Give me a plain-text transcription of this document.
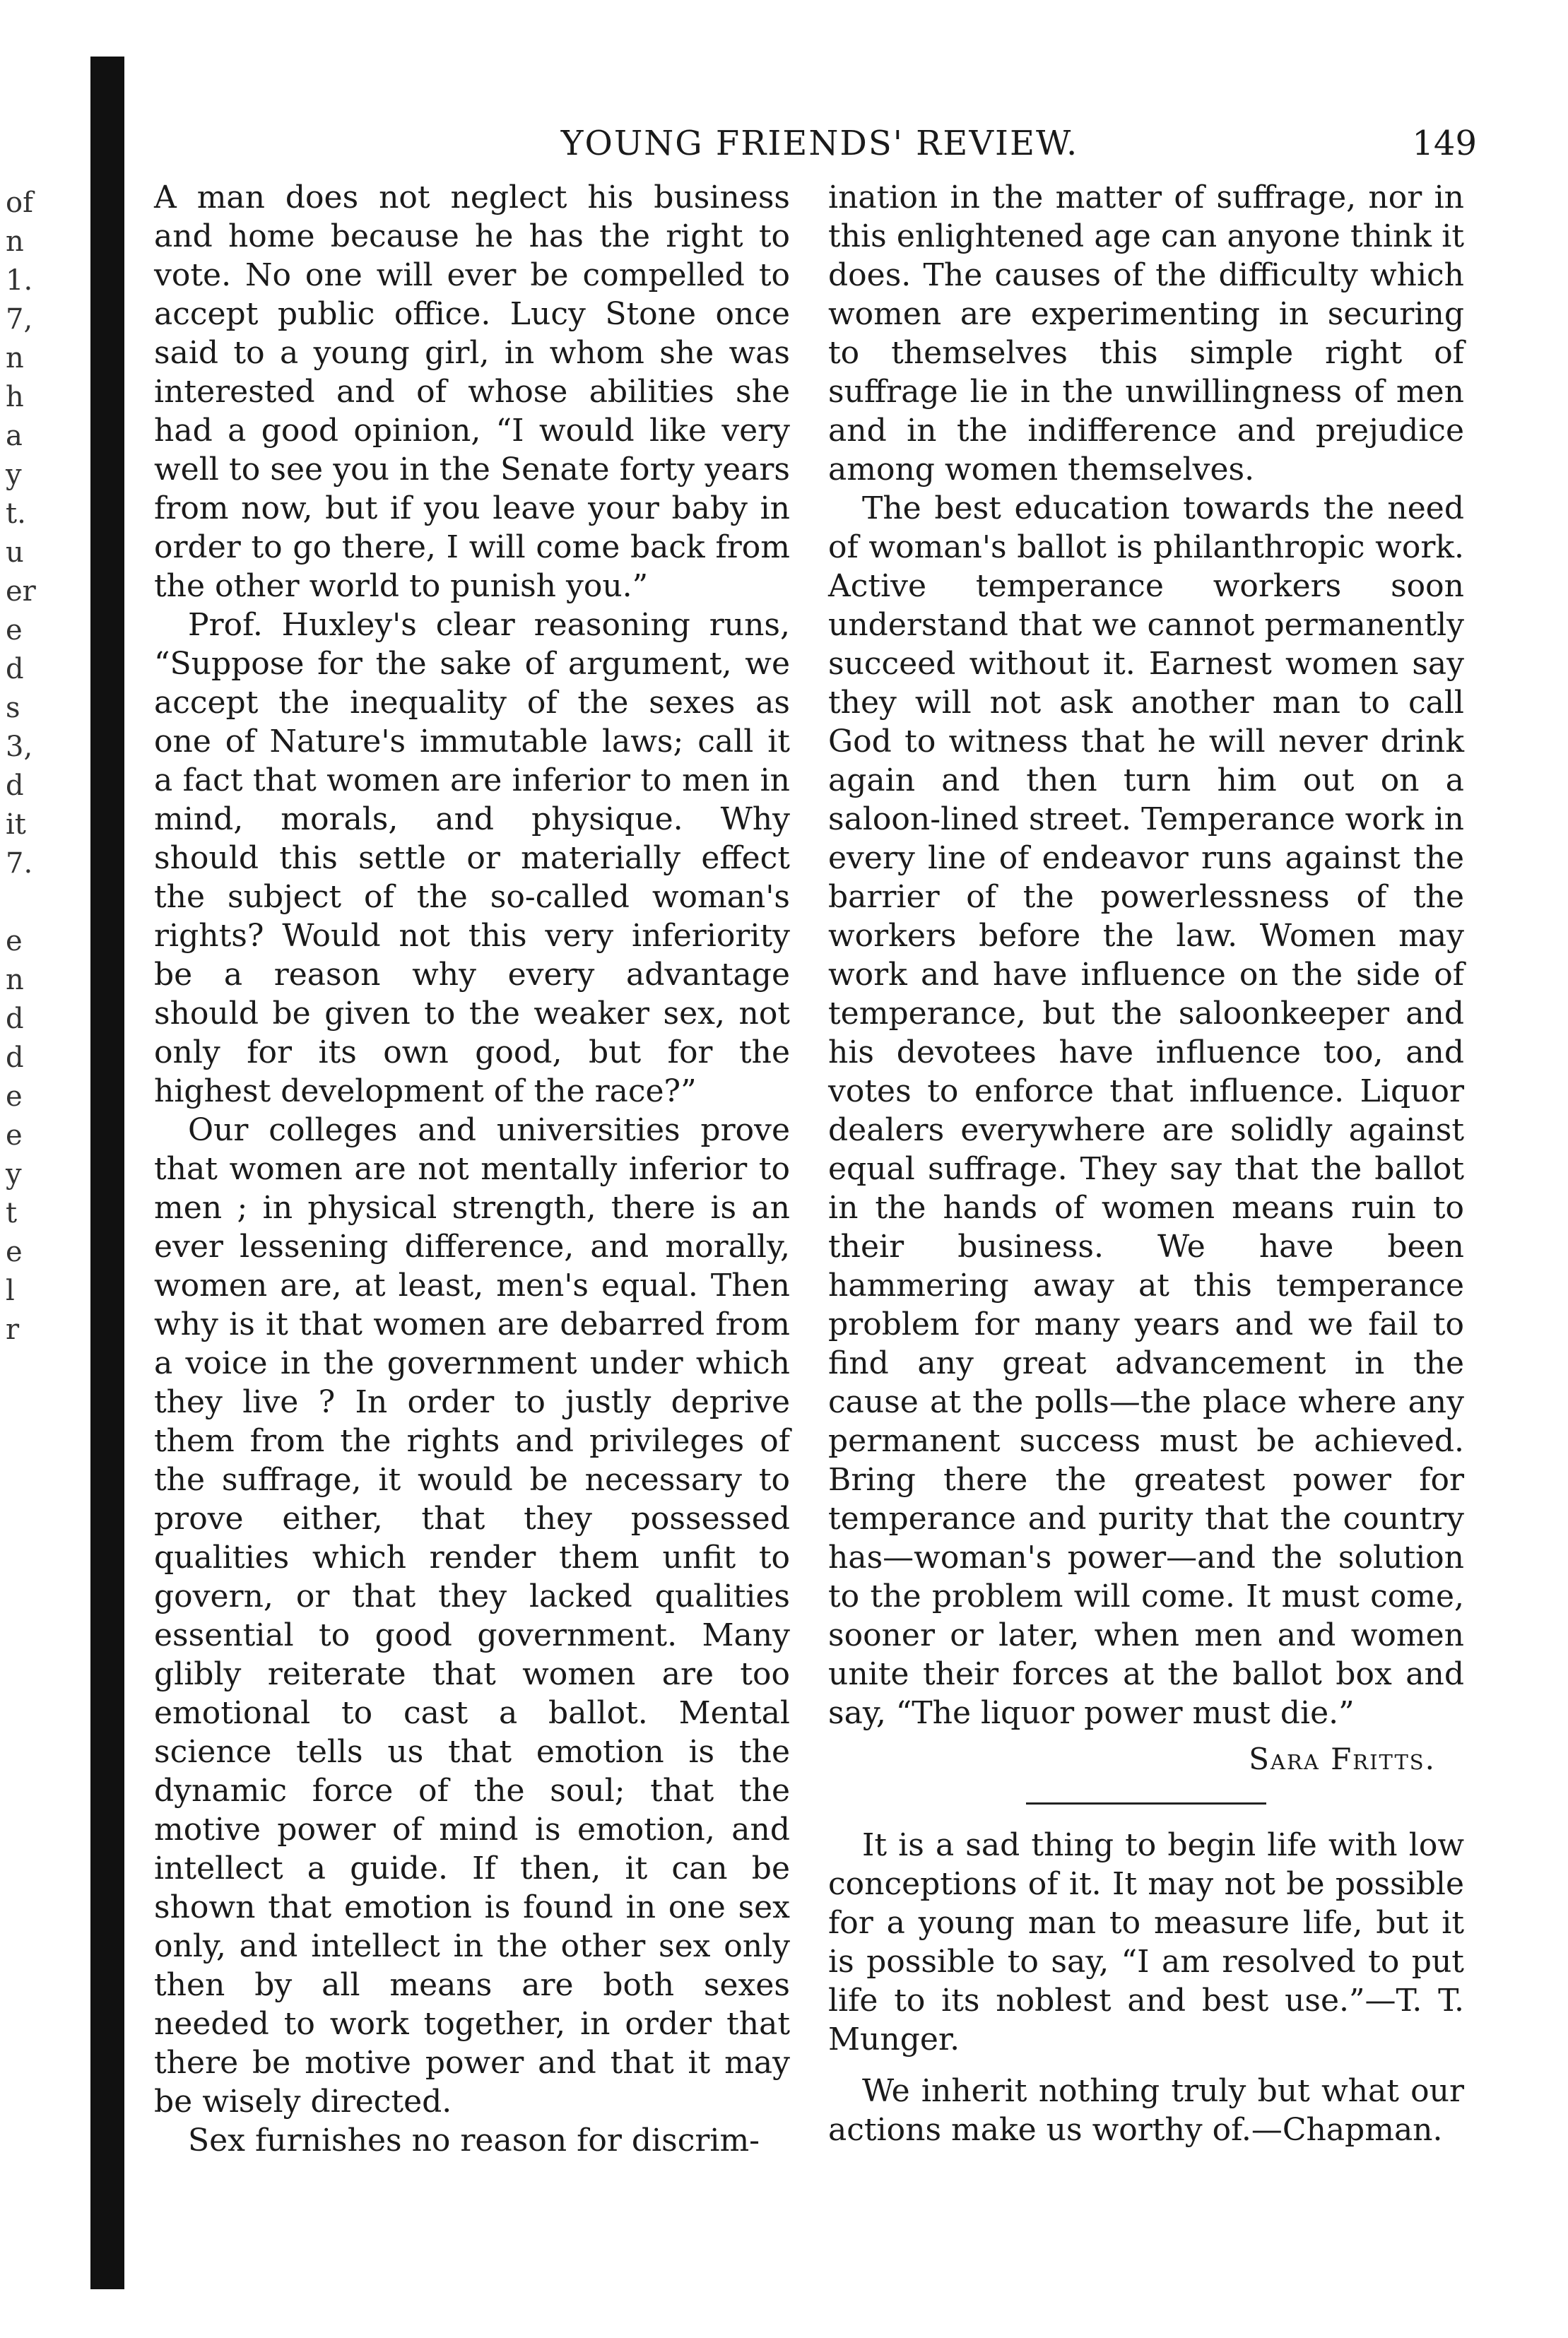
of
n
1.
7,
n
h
a
y
t.
u
er
e
d
s
3,
d
it
7.
e
n
d
d
e
e
y
t
e
l
r
YOUNG FRIENDS' REVIEW.	149

A man does not neglect his business and home because he has the right to vote. No one will ever be compelled to accept public office. Lucy Stone once said to a young girl, in whom she was interested and of whose abilities she had a good opinion, “I would like very well to see you in the Senate forty years from now, but if you leave your baby in order to go there, I will come back from the other world to punish you.”

Prof. Huxley's clear reasoning runs, “Suppose for the sake of argument, we accept the inequality of the sexes as one of Nature's immutable laws; call it a fact that women are inferior to men in mind, morals, and physique. Why should this settle or materially effect the subject of the so-called woman's rights? Would not this very inferiority be a reason why every advantage should be given to the weaker sex, not only for its own good, but for the highest development of the race?”

Our colleges and universities prove that women are not mentally inferior to men ; in physical strength, there is an ever lessening difference, and morally, women are, at least, men's equal. Then why is it that women are debarred from a voice in the government under which they live ? In order to justly deprive them from the rights and privileges of the suffrage, it would be necessary to prove either, that they possessed qualities which render them unfit to govern, or that they lacked qualities essential to good government. Many glibly reiterate that women are too emotional to cast a ballot. Mental science tells us that emotion is the dynamic force of the soul; that the motive power of mind is emotion, and intellect a guide. If then, it can be shown that emotion is found in one sex only, and intellect in the other sex only then by all means are both sexes needed to work together, in order that there be motive power and that it may be wisely directed.

Sex furnishes no reason for discrim-

ination in the matter of suffrage, nor in this enlightened age can anyone think it does. The causes of the difficulty which women are experimenting in securing to themselves this simple right of suffrage lie in the unwillingness of men and in the indifference and prejudice among women themselves.

The best education towards the need of woman's ballot is philanthropic work. Active temperance workers soon understand that we cannot permanently succeed without it. Earnest women say they will not ask another man to call God to witness that he will never drink again and then turn him out on a saloon-lined street. Temperance work in every line of endeavor runs against the barrier of the powerlessness of the workers before the law. Women may work and have influence on the side of temperance, but the saloonkeeper and his devotees have influence too, and votes to enforce that influence. Liquor dealers everywhere are solidly against equal suffrage. They say that the ballot in the hands of women means ruin to their business. We have been hammering away at this temperance problem for many years and we fail to find any great advancement in the cause at the polls—the place where any permanent success must be achieved. Bring there the greatest power for temperance and purity that the country has—woman's power—and the solution to the problem will come. It must come, sooner or later, when men and women unite their forces at the ballot box and say, “The liquor power must die.”

Sara Fritts.

It is a sad thing to begin life with low conceptions of it. It may not be possible for a young man to measure life, but it is possible to say, “I am resolved to put life to its noblest and best use.”—T. T. Munger.

We inherit nothing truly but what our actions make us worthy of.—Chapman.
